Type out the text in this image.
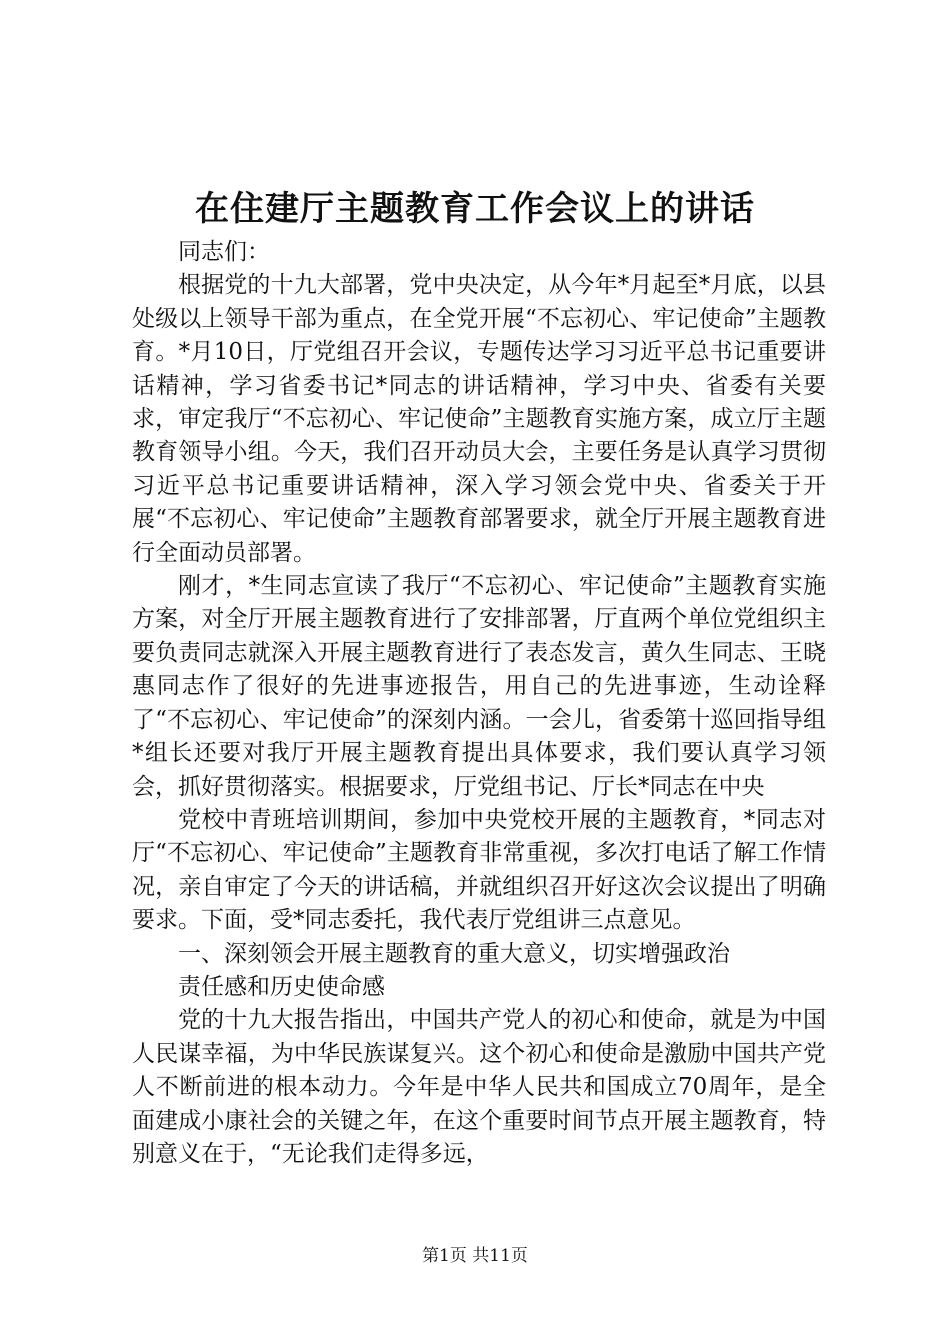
在住建厅主题教育工作会议上的讲话

同志们：

根据党的十九大部署，党中央决定，从今年*月起至*月底，以县处级以上领导干部为重点，在全党开展“不忘初心、牢记使命”主题教育。*月10日，厅党组召开会议，专题传达学习习近平总书记重要讲话精神，学习省委书记*同志的讲话精神，学习中央、省委有关要求，审定我厅“不忘初心、牢记使命”主题教育实施方案，成立厅主题教育领导小组。今天，我们召开动员大会，主要任务是认真学习贯彻习近平总书记重要讲话精神，深入学习领会党中央、省委关于开展“不忘初心、牢记使命”主题教育部署要求，就全厅开展主题教育进行全面动员部署。

刚才，*生同志宣读了我厅“不忘初心、牢记使命”主题教育实施方案，对全厅开展主题教育进行了安排部署，厅直两个单位党组织主要负责同志就深入开展主题教育进行了表态发言，黄久生同志、王晓惠同志作了很好的先进事迹报告，用自己的先进事迹，生动诠释了“不忘初心、牢记使命”的深刻内涵。一会儿，省委第十巡回指导组*组长还要对我厅开展主题教育提出具体要求，我们要认真学习领会，抓好贯彻落实。根据要求，厅党组书记、厅长*同志在中央

党校中青班培训期间，参加中央党校开展的主题教育，*同志对厅“不忘初心、牢记使命”主题教育非常重视，多次打电话了解工作情况，亲自审定了今天的讲话稿，并就组织召开好这次会议提出了明确要求。下面，受*同志委托，我代表厅党组讲三点意见。

一、深刻领会开展主题教育的重大意义，切实增强政治

责任感和历史使命感

党的十九大报告指出，中国共产党人的初心和使命，就是为中国人民谋幸福，为中华民族谋复兴。这个初心和使命是激励中国共产党人不断前进的根本动力。今年是中华人民共和国成立70周年，是全面建成小康社会的关键之年，在这个重要时间节点开展主题教育，特别意义在于，“无论我们走得多远，

第1页 共11页
